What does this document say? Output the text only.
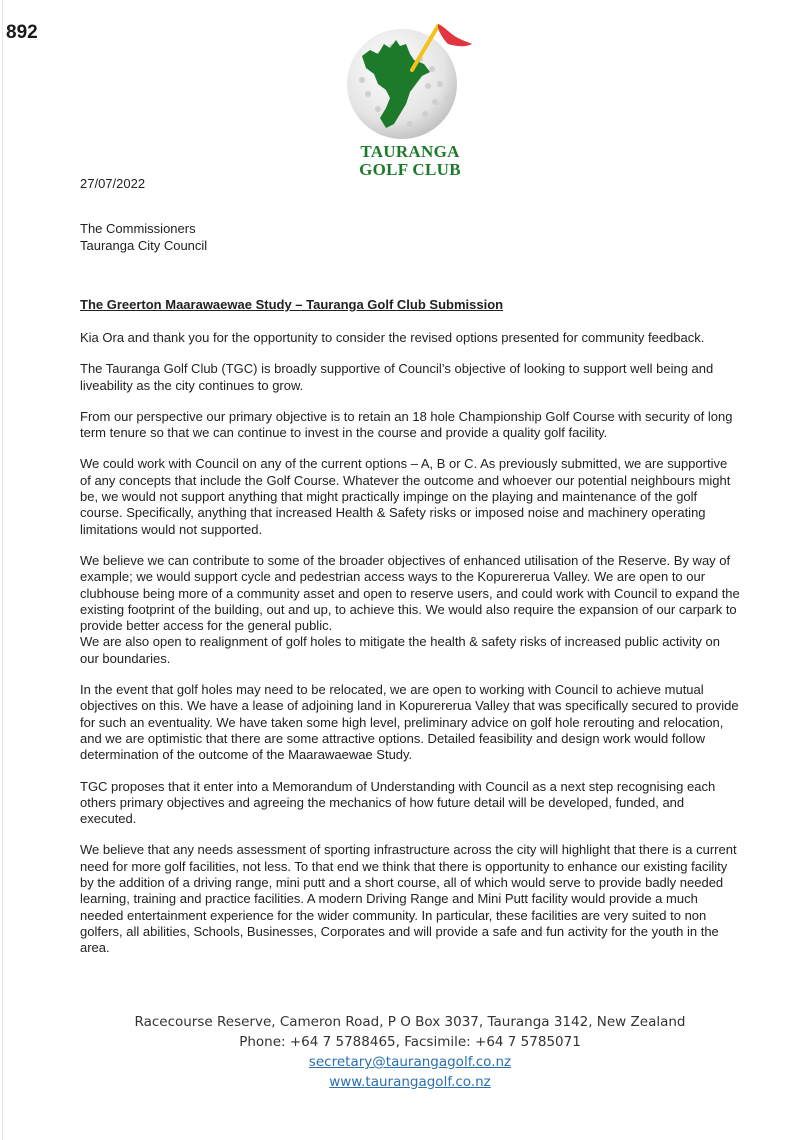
892
TAURANGA
GOLF CLUB
27/07/2022
The Commissioners
Tauranga City Council
The Greerton Maarawaewae Study – Tauranga Golf Club Submission

Kia Ora and thank you for the opportunity to consider the revised options presented for community feedback.

The Tauranga Golf Club (TGC) is broadly supportive of Council’s objective of looking to support well being and liveability as the city continues to grow.

From our perspective our primary objective is to retain an 18 hole Championship Golf Course with security of long term tenure so that we can continue to invest in the course and provide a quality golf facility.

We could work with Council on any of the current options – A, B or C. As previously submitted, we are supportive of any concepts that include the Golf Course. Whatever the outcome and whoever our potential neighbours might be, we would not support anything that might practically impinge on the playing and maintenance of the golf course. Specifically, anything that increased Health & Safety risks or imposed noise and machinery operating limitations would not supported.

We believe we can contribute to some of the broader objectives of enhanced utilisation of the Reserve. By way of example; we would support cycle and pedestrian access ways to the Kopurererua Valley. We are open to our clubhouse being more of a community asset and open to reserve users, and could work with Council to expand the existing footprint of the building, out and up, to achieve this. We would also require the expansion of our carpark to provide better access for the general public.

We are also open to realignment of golf holes to mitigate the health & safety risks of increased public activity on our boundaries.

In the event that golf holes may need to be relocated, we are open to working with Council to achieve mutual objectives on this. We have a lease of adjoining land in Kopurererua Valley that was specifically secured to provide for such an eventuality. We have taken some high level, preliminary advice on golf hole rerouting and relocation, and we are optimistic that there are some attractive options. Detailed feasibility and design work would follow determination of the outcome of the Maarawaewae Study.

TGC proposes that it enter into a Memorandum of Understanding with Council as a next step recognising each others primary objectives and agreeing the mechanics of how future detail will be developed, funded, and executed.

We believe that any needs assessment of sporting infrastructure across the city will highlight that there is a current need for more golf facilities, not less. To that end we think that there is opportunity to enhance our existing facility by the addition of a driving range, mini putt and a short course, all of which would serve to provide badly needed learning, training and practice facilities. A modern Driving Range and Mini Putt facility would provide a much needed entertainment experience for the wider community. In particular, these facilities are very suited to non golfers, all abilities, Schools, Businesses, Corporates and will provide a safe and fun activity for the youth in the area.

Racecourse Reserve, Cameron Road, P O Box 3037, Tauranga 3142, New Zealand
Phone: +64 7 5788465, Facsimile: +64 7 5785071
secretary@taurangagolf.co.nz
www.taurangagolf.co.nz
